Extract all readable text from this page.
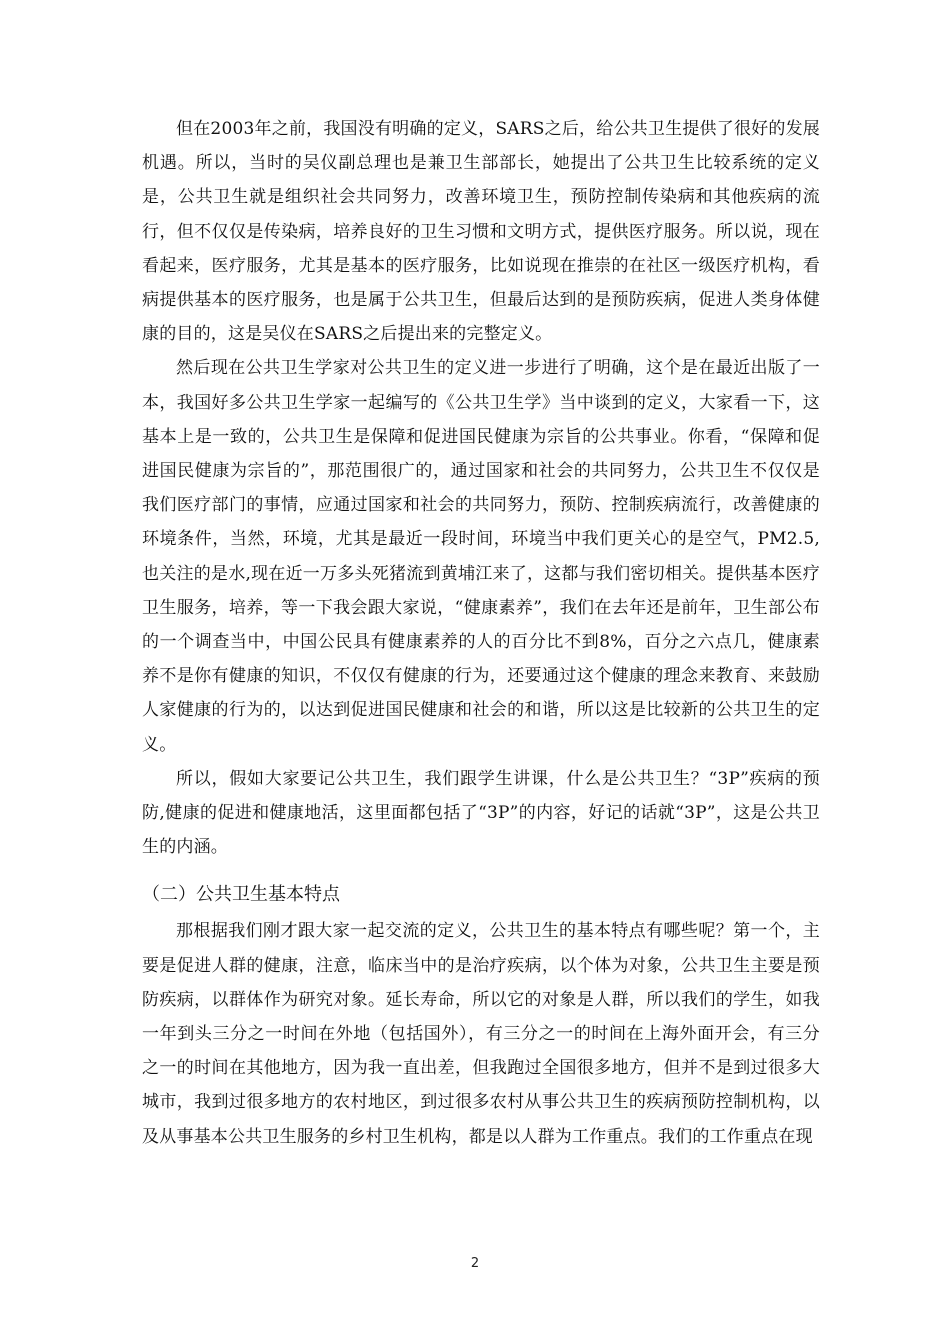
但在2003年之前，我国没有明确的定义，SARS之后，给公共卫生提供了很好的发展机遇。所以，当时的吴仪副总理也是兼卫生部部长，她提出了公共卫生比较系统的定义是，公共卫生就是组织社会共同努力，改善环境卫生，预防控制传染病和其他疾病的流行，但不仅仅是传染病，培养良好的卫生习惯和文明方式，提供医疗服务。所以说，现在看起来，医疗服务，尤其是基本的医疗服务，比如说现在推崇的在社区一级医疗机构，看病提供基本的医疗服务，也是属于公共卫生，但最后达到的是预防疾病，促进人类身体健康的目的，这是吴仪在SARS之后提出来的完整定义。

然后现在公共卫生学家对公共卫生的定义进一步进行了明确，这个是在最近出版了一本，我国好多公共卫生学家一起编写的《公共卫生学》当中谈到的定义，大家看一下，这基本上是一致的，公共卫生是保障和促进国民健康为宗旨的公共事业。你看，“保障和促进国民健康为宗旨的”，那范围很广的，通过国家和社会的共同努力，公共卫生不仅仅是我们医疗部门的事情，应通过国家和社会的共同努力，预防、控制疾病流行，改善健康的环境条件，当然，环境，尤其是最近一段时间，环境当中我们更关心的是空气，PM2.5,也关注的是水,现在近一万多头死猪流到黄埔江来了，这都与我们密切相关。提供基本医疗卫生服务，培养，等一下我会跟大家说，“健康素养”，我们在去年还是前年，卫生部公布的一个调查当中，中国公民具有健康素养的人的百分比不到8%，百分之六点几，健康素养不是你有健康的知识，不仅仅有健康的行为，还要通过这个健康的理念来教育、来鼓励人家健康的行为的，以达到促进国民健康和社会的和谐，所以这是比较新的公共卫生的定义。

所以，假如大家要记公共卫生，我们跟学生讲课，什么是公共卫生？“3P”疾病的预防,健康的促进和健康地活，这里面都包括了“3P”的内容，好记的话就“3P”，这是公共卫生的内涵。

（二）公共卫生基本特点

那根据我们刚才跟大家一起交流的定义，公共卫生的基本特点有哪些呢？第一个，主要是促进人群的健康，注意，临床当中的是治疗疾病，以个体为对象，公共卫生主要是预防疾病，以群体作为研究对象。延长寿命，所以它的对象是人群，所以我们的学生，如我一年到头三分之一时间在外地（包括国外），有三分之一的时间在上海外面开会，有三分之一的时间在其他地方，因为我一直出差，但我跑过全国很多地方，但并不是到过很多大城市，我到过很多地方的农村地区，到过很多农村从事公共卫生的疾病预防控制机构，以及从事基本公共卫生服务的乡村卫生机构，都是以人群为工作重点。我们的工作重点在现

2
